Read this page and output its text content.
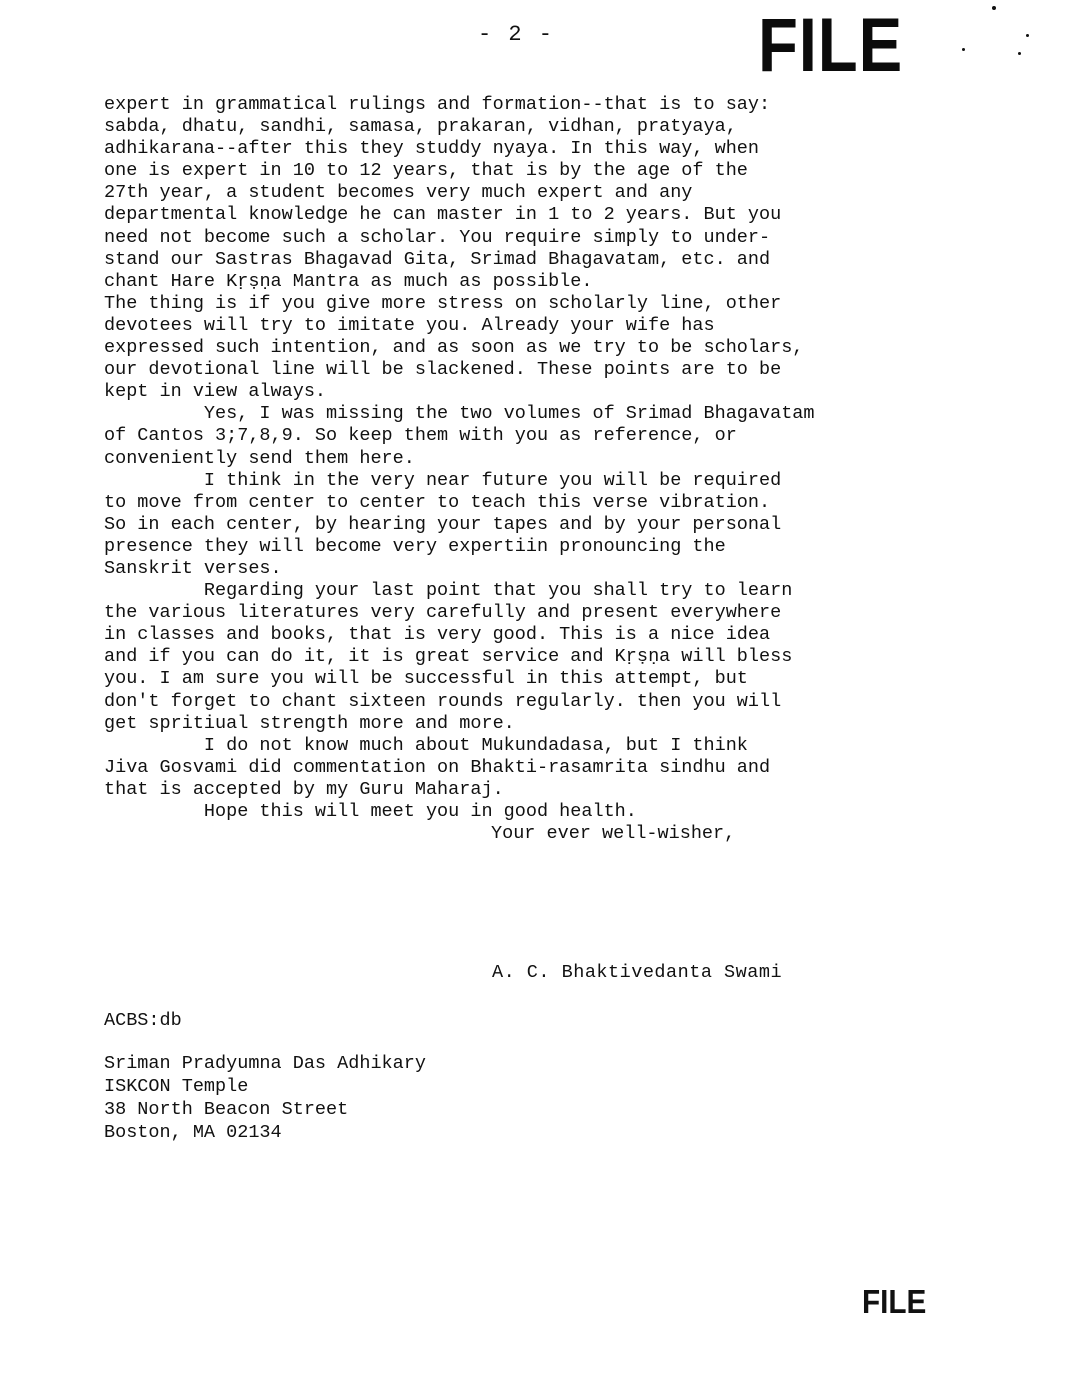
- 2 -	FILE
expert in grammatical rulings and formation--that is to say:
sabda, dhatu, sandhi, samasa, prakaran, vidhan, pratyaya,
adhikarana--after this they studdy nyaya. In this way, when
one is expert in 10 to 12 years, that is by the age of the
27th year, a student becomes very much expert and any
departmental knowledge he can master in 1 to 2 years. But you
need not become such a scholar. You require simply to under-
stand our Sastras Bhagavad Gita, Srimad Bhagavatam, etc. and
chant Hare Kṛṣṇa Mantra as much as possible.
The thing is if you give more stress on scholarly line, other
devotees will try to imitate you. Already your wife has
expressed such intention, and as soon as we try to be scholars,
our devotional line will be slackened. These points are to be
kept in view always.
Yes, I was missing the two volumes of Srimad Bhagavatam
of Cantos 3;7,8,9. So keep them with you as reference, or
conveniently send them here.
I think in the very near future you will be required
to move from center to center to teach this verse vibration.
So in each center, by hearing your tapes and by your personal
presence they will become very expertiin pronouncing the
Sanskrit verses.
Regarding your last point that you shall try to learn
the various literatures very carefully and present everywhere
in classes and books, that is very good. This is a nice idea
and if you can do it, it is great service and Kṛṣṇa will bless
you. I am sure you will be successful in this attempt, but
don't forget to chant sixteen rounds regularly. then you will
get spritiual strength more and more.
I do not know much about Mukundadasa, but I think
Jiva Gosvami did commentation on Bhakti-rasamrita sindhu and
that is accepted by my Guru Maharaj.
Hope this will meet you in good health.
Your ever well-wisher,
A. C. Bhaktivedanta Swami
ACBS:db
Sriman Pradyumna Das Adhikary
ISKCON Temple
38 North Beacon Street
Boston, MA 02134
FILE
